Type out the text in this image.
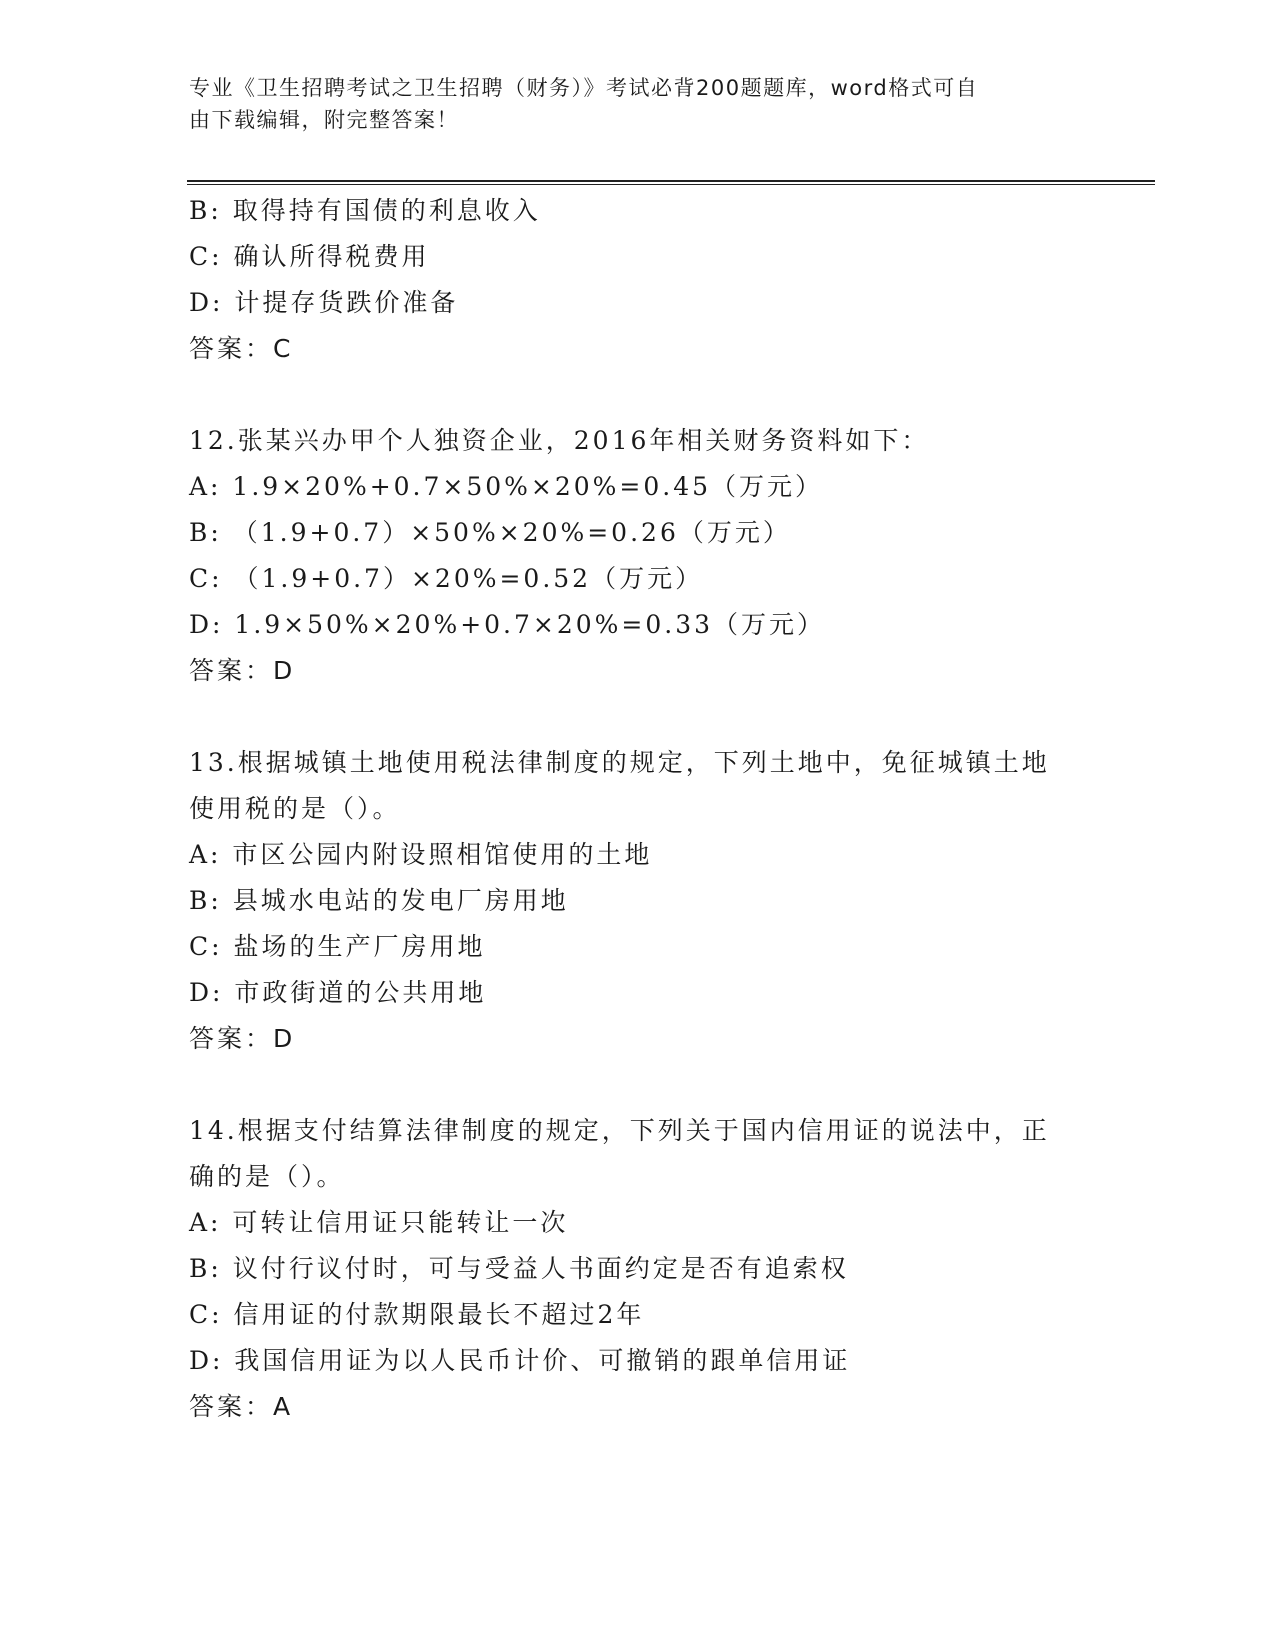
专业《卫生招聘考试之卫生招聘（财务）》考试必背200题题库，word格式可自
由下载编辑，附完整答案！
B: 取得持有国债的利息收入
C: 确认所得税费用
D: 计提存货跌价准备
答案：C
12.张某兴办甲个人独资企业，2016年相关财务资料如下：
A: 1.9×20%+0.7×50%×20%=0.45（万元）
B: （1.9+0.7）×50%×20%=0.26（万元）
C: （1.9+0.7）×20%=0.52（万元）
D: 1.9×50%×20%+0.7×20%=0.33（万元）
答案：D
13.根据城镇土地使用税法律制度的规定，下列土地中，免征城镇土地
使用税的是（）。
A: 市区公园内附设照相馆使用的土地
B: 县城水电站的发电厂房用地
C: 盐场的生产厂房用地
D: 市政街道的公共用地
答案：D
14.根据支付结算法律制度的规定，下列关于国内信用证的说法中，正
确的是（）。
A: 可转让信用证只能转让一次
B: 议付行议付时，可与受益人书面约定是否有追索权
C: 信用证的付款期限最长不超过2年
D: 我国信用证为以人民币计价、可撤销的跟单信用证
答案：A
